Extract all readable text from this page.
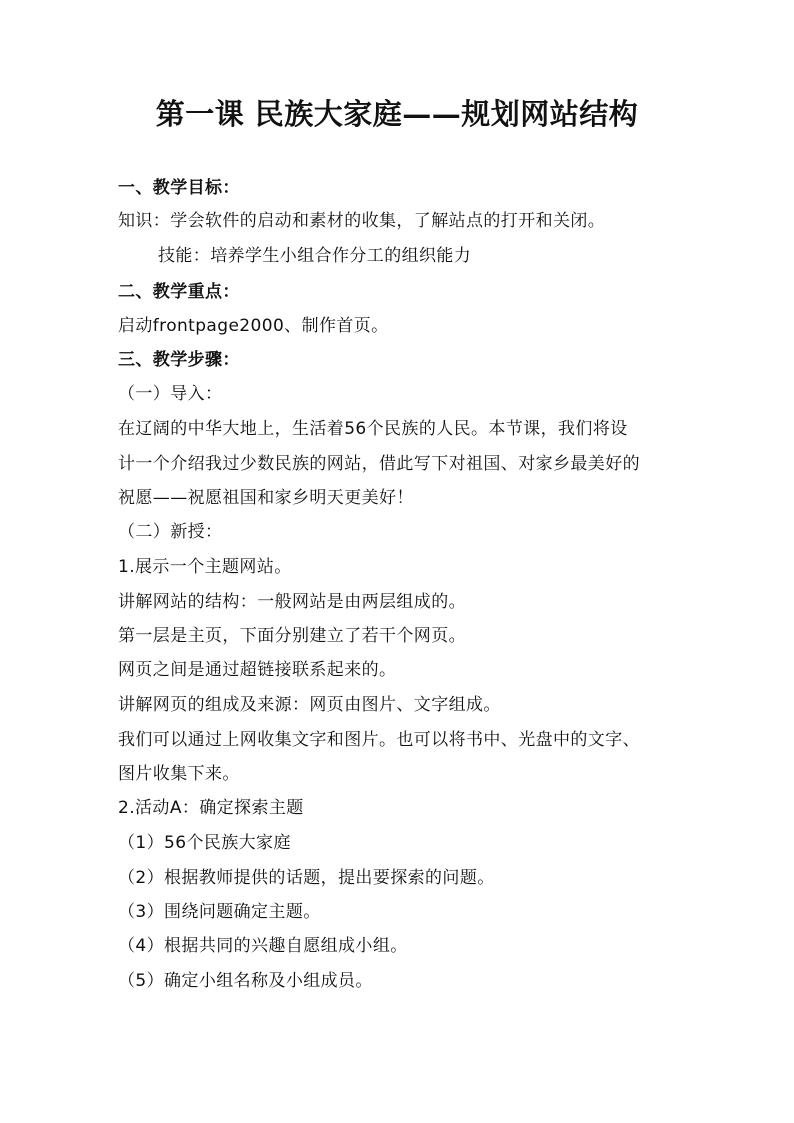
第一课 民族大家庭——规划网站结构
一、教学目标：
知识：学会软件的启动和素材的收集，了解站点的打开和关闭。
技能：培养学生小组合作分工的组织能力
二、教学重点：
启动frontpage2000、制作首页。
三、教学步骤：
（一）导入：
在辽阔的中华大地上，生活着56个民族的人民。本节课，我们将设
计一个介绍我过少数民族的网站，借此写下对祖国、对家乡最美好的
祝愿——祝愿祖国和家乡明天更美好！
（二）新授：
1.展示一个主题网站。
讲解网站的结构：一般网站是由两层组成的。
第一层是主页，下面分别建立了若干个网页。
网页之间是通过超链接联系起来的。
讲解网页的组成及来源：网页由图片、文字组成。
我们可以通过上网收集文字和图片。也可以将书中、光盘中的文字、
图片收集下来。
2.活动A：确定探索主题
（1）56个民族大家庭
（2）根据教师提供的话题，提出要探索的问题。
（3）围绕问题确定主题。
（4）根据共同的兴趣自愿组成小组。
（5）确定小组名称及小组成员。
